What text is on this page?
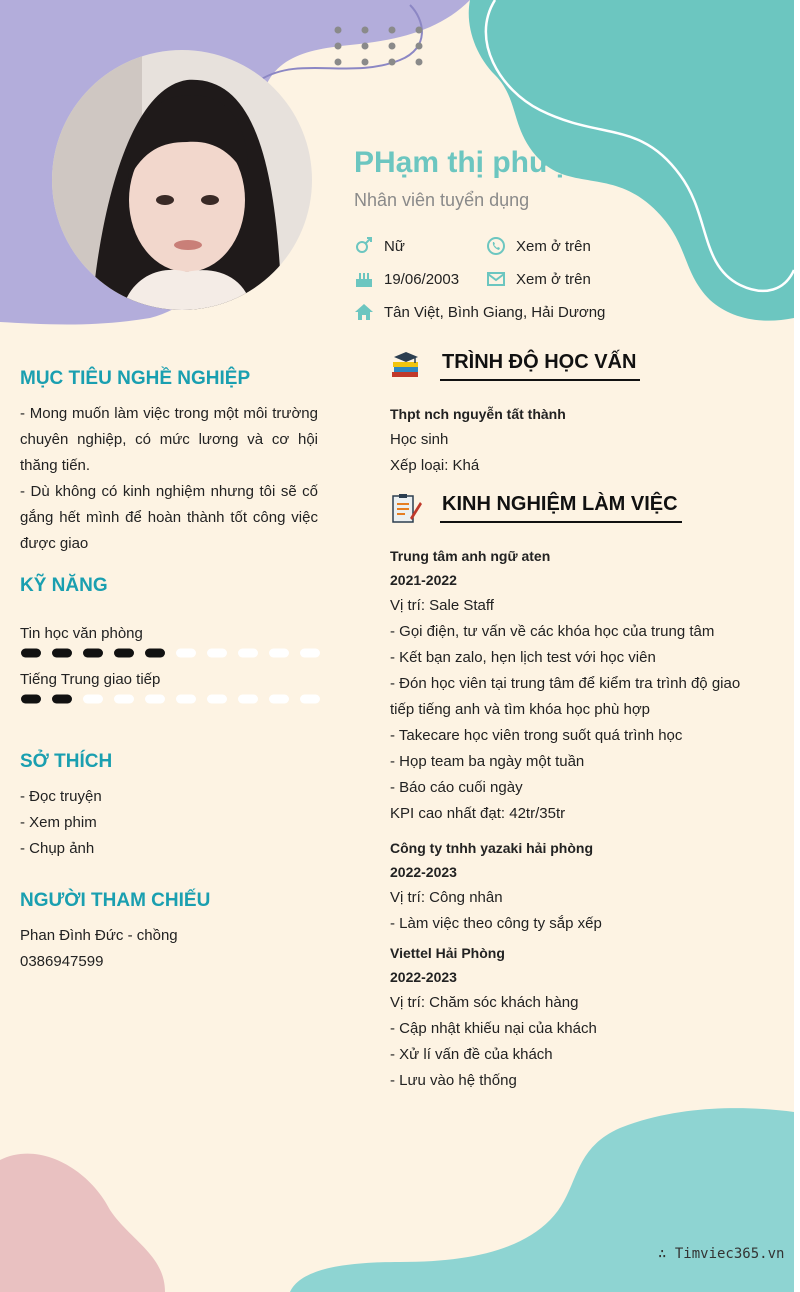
PHạm thị phượng
Nhân viên tuyển dụng
Nữ	Xem ở trên
19/06/2003	Xem ở trên
Tân Việt, Bình Giang, Hải Dương
MỤC TIÊU NGHỀ NGHIỆP
- Mong muốn làm việc trong một môi trường
chuyên nghiệp, có mức lương và cơ hội
thăng tiến.
- Dù không có kinh nghiệm nhưng tôi sẽ cố
gắng hết mình để hoàn thành tốt công việc
được giao
KỸ NĂNG
Tin học văn phòng
Tiếng Trung giao tiếp
SỞ THÍCH
- Đọc truyện
- Xem phim
- Chụp ảnh
NGƯỜI THAM CHIẾU
Phan Đình Đức - chồng
0386947599
TRÌNH ĐỘ HỌC VẤN
Thpt nch nguyễn tất thành
Học sinh
Xếp loại: Khá
KINH NGHIỆM LÀM VIỆC
Trung tâm anh ngữ aten
2021-2022
Vị trí: Sale Staff
- Gọi điện, tư vấn về các khóa học của trung tâm
- Kết bạn zalo, hẹn lịch test với học viên
- Đón học viên tại trung tâm để kiểm tra trình độ giao
tiếp tiếng anh và tìm khóa học phù hợp
- Takecare học viên trong suốt quá trình học
- Họp team ba ngày một tuần
- Báo cáo cuối ngày
KPI cao nhất đạt: 42tr/35tr
Công ty tnhh yazaki hải phòng
2022-2023
Vị trí: Công nhân
- Làm việc theo công ty sắp xếp
Viettel Hải Phòng
2022-2023
Vị trí: Chăm sóc khách hàng
- Cập nhật khiếu nại của khách
- Xử lí vấn đề của khách
- Lưu vào hệ thống
∴ Timviec365.vn
